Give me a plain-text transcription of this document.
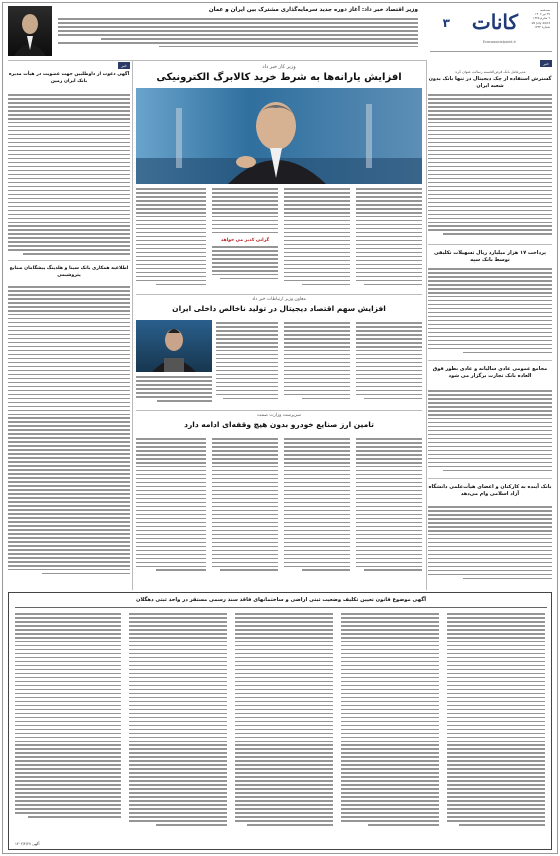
سه‌شنبه
۲۷ تیر ۱۴۰۲
۹ محرم ۱۴۴۵
18 July 2023
شماره ۱۷۳۴
کانات
۳
Econosocialpoint.ir
وزیر اقتصاد خبر داد: آغاز دوره جدید سرمایه‌گذاری مشترک بین ایران و عمان
خبر
مدیرعامل بانک قرض‌الحسنه رسالت عنوان کرد:
گسترش استفاده از چک دیجیتال در تنها بانک بدون شعبه ایران
پرداخت ۱۷ هزار میلیارد ریال تسهیلات تکلیفی توسط بانک سپه
مجامع عمومی عادی سالیانه و عادی بطور فوق العاده بانک تجارت برگزار می شود
بانک آینده به کارکنان و اعضای هیأت‌علمی دانشگاه آزاد اسلامی وام می‌دهد
وزیر کار خبر داد
افزایش یارانه‌ها به شرط خرید کالابرگ الکترونیکی
گرانی کدبر می خواهد
معاون وزیر ارتباطات خبر داد
افزایش سهم اقتصاد دیجیتال در تولید ناخالص داخلی ایران
سرپرست وزارت صمت
تامین ارز صنایع خودرو بدون هیچ وقفه‌ای ادامه دارد
خبر
آگهی دعوت از داوطلبین جهت عضویت در هیأت مدیره بانک ایران زمین
اطلاعیه همکاری بانک سینا و هلدینگ پیشگامان صنایع پتروشیمی
آگهی موضوع قانون تعیین تکلیف وضعیت ثبتی اراضی و ساختمانهای فاقد سند رسمی مستقر در واحد ثبتی دهگلان
آگهی ۱۴۰۲/۴/۲۷
